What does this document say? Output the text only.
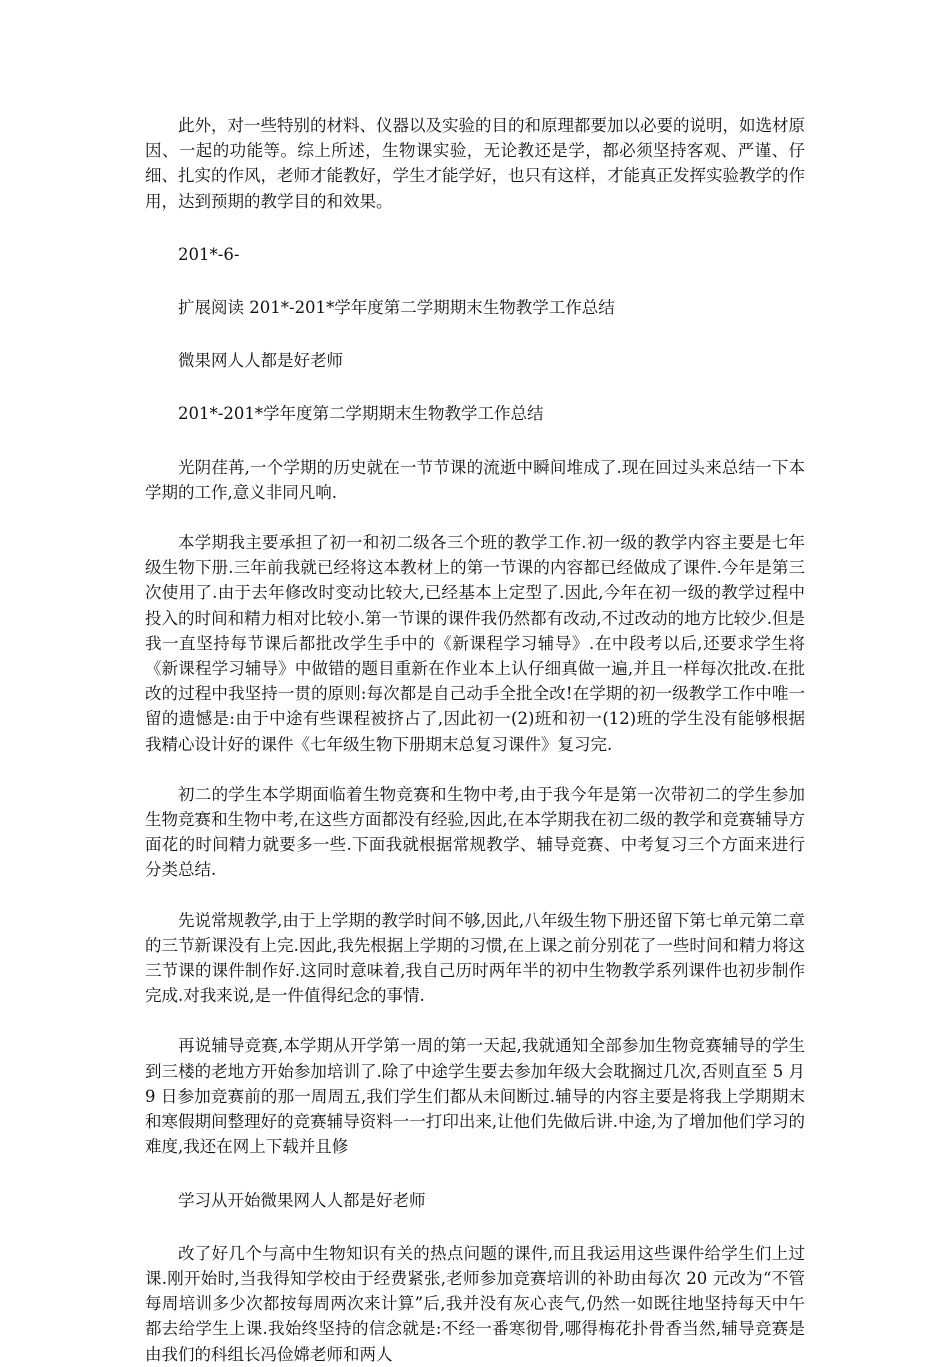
此外，对一些特别的材料、仪器以及实验的目的和原理都要加以必要的说明，如选材原因、一起的功能等。综上所述，生物课实验，无论教还是学，都必须坚持客观、严谨、仔细、扎实的作风，老师才能教好，学生才能学好，也只有这样，才能真正发挥实验教学的作用，达到预期的教学目的和效果。

201*-6-

扩展阅读 201*-201*学年度第二学期期末生物教学工作总结

微果网人人都是好老师

201*-201*学年度第二学期期末生物教学工作总结

光阴荏苒,一个学期的历史就在一节节课的流逝中瞬间堆成了.现在回过头来总结一下本学期的工作,意义非同凡响.

本学期我主要承担了初一和初二级各三个班的教学工作.初一级的教学内容主要是七年级生物下册.三年前我就已经将这本教材上的第一节课的内容都已经做成了课件.今年是第三次使用了.由于去年修改时变动比较大,已经基本上定型了.因此,今年在初一级的教学过程中投入的时间和精力相对比较小.第一节课的课件我仍然都有改动,不过改动的地方比较少.但是我一直坚持每节课后都批改学生手中的《新课程学习辅导》.在中段考以后,还要求学生将《新课程学习辅导》中做错的题目重新在作业本上认仔细真做一遍,并且一样每次批改.在批改的过程中我坚持一贯的原则:每次都是自己动手全批全改!在学期的初一级教学工作中唯一留的遗憾是:由于中途有些课程被挤占了,因此初一(2)班和初一(12)班的学生没有能够根据我精心设计好的课件《七年级生物下册期末总复习课件》复习完.

初二的学生本学期面临着生物竞赛和生物中考,由于我今年是第一次带初二的学生参加生物竞赛和生物中考,在这些方面都没有经验,因此,在本学期我在初二级的教学和竞赛辅导方面花的时间精力就要多一些.下面我就根据常规教学、辅导竞赛、中考复习三个方面来进行分类总结.

先说常规教学,由于上学期的教学时间不够,因此,八年级生物下册还留下第七单元第二章的三节新课没有上完.因此,我先根据上学期的习惯,在上课之前分别花了一些时间和精力将这三节课的课件制作好.这同时意味着,我自己历时两年半的初中生物教学系列课件也初步制作完成.对我来说,是一件值得纪念的事情.

再说辅导竞赛,本学期从开学第一周的第一天起,我就通知全部参加生物竞赛辅导的学生到三楼的老地方开始参加培训了.除了中途学生要去参加年级大会耽搁过几次,否则直至 5 月 9 日参加竞赛前的那一周周五,我们学生们都从未间断过.辅导的内容主要是将我上学期期末和寒假期间整理好的竞赛辅导资料一一打印出来,让他们先做后讲.中途,为了增加他们学习的难度,我还在网上下载并且修

学习从开始微果网人人都是好老师

改了好几个与高中生物知识有关的热点问题的课件,而且我运用这些课件给学生们上过课.刚开始时,当我得知学校由于经费紧张,老师参加竞赛培训的补助由每次 20 元改为“不管每周培训多少次都按每周两次来计算”后,我并没有灰心丧气,仍然一如既往地坚持每天中午都去给学生上课.我始终坚持的信念就是:不经一番寒彻骨,哪得梅花扑骨香当然,辅导竞赛是由我们的科组长冯俭嫦老师和两人
